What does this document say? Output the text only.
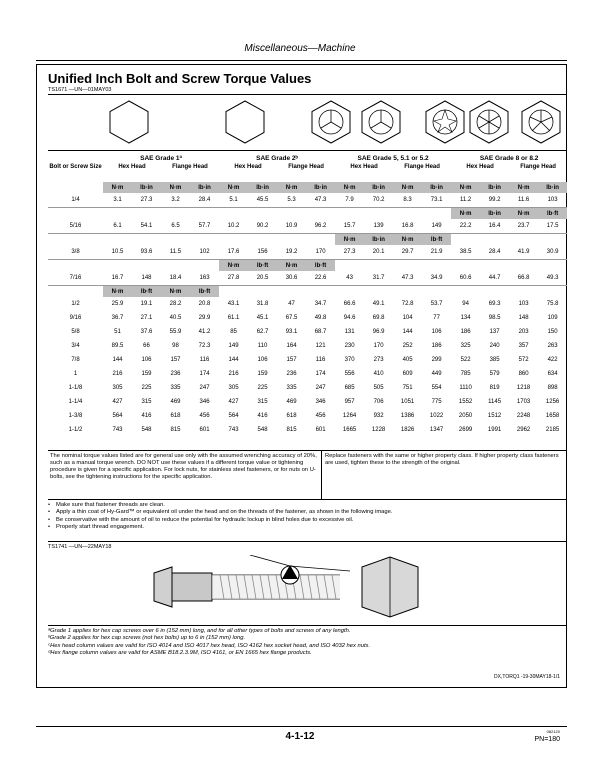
Miscellaneous—Machine
Unified Inch Bolt and Screw Torque Values
TS1671 —UN—01MAY03
	SAE Grade 1ª				SAE Grade 2ᵇ				SAE Grade 5, 5.1 or 5.2				SAE Grade 8 or 8.2			
Bolt or Screw Size	Hex Head		Flange Head		Hex Head		Flange Head		Hex Head		Flange Head		Hex Head		Flange Head	
	N·m	lb·in	N·m	lb·in	N·m	lb·in	N·m	lb·in	N·m	lb·in	N·m	lb·in	N·m	lb·in	N·m	lb·in
1/4	3.1	27.3	3.2	28.4	5.1	45.5	5.3	47.3	7.9	70.2	8.3	73.1	11.2	99.2	11.6	103
													N·m	lb·in	N·m	lb·ft
5/16	6.1	54.1	6.5	57.7	10.2	90.2	10.9	96.2	15.7	139	16.8	149	22.2	16.4	23.7	17.5
									N·m	lb·in	N·m	lb·ft				
3/8	10.5	93.6	11.5	102	17.6	156	19.2	170	27.3	20.1	29.7	21.9	38.5	28.4	41.9	30.9
					N·m	lb·ft	N·m	lb·ft								
7/16	16.7	148	18.4	163	27.8	20.5	30.6	22.6	43	31.7	47.3	34.9	60.6	44.7	66.8	49.3
	N·m	lb·ft	N·m	lb·ft												
1/2	25.9	19.1	28.2	20.8	43.1	31.8	47	34.7	66.6	49.1	72.8	53.7	94	69.3	103	75.8
9/16	36.7	27.1	40.5	29.9	61.1	45.1	67.5	49.8	94.6	69.8	104	77	134	98.5	148	109
5/8	51	37.6	55.9	41.2	85	62.7	93.1	68.7	131	96.9	144	106	186	137	203	150
3/4	89.5	66	98	72.3	149	110	164	121	230	170	252	186	325	240	357	263
7/8	144	106	157	116	144	106	157	116	370	273	405	299	522	385	572	422
1	216	159	236	174	216	159	236	174	556	410	609	449	785	579	860	634
1-1/8	305	225	335	247	305	225	335	247	685	505	751	554	1110	819	1218	898
1-1/4	427	315	469	346	427	315	469	346	957	706	1051	775	1552	1145	1703	1256
1-3/8	564	416	618	456	564	416	618	456	1264	932	1386	1022	2050	1512	2248	1658
1-1/2	743	548	815	601	743	548	815	601	1665	1228	1826	1347	2699	1991	2962	2185
The nominal torque values listed are for general use only with the assumed wrenching accuracy of 20%, such as a manual torque wrench. DO NOT use these values if a different torque value or tightening procedure is given for a specific application. For lock nuts, for stainless steel fasteners, or for nuts on U-bolts, see the tightening instructions for the specific application.
Replace fasteners with the same or higher property class. If higher property class fasteners are used, tighten these to the strength of the original.
• Make sure that fastener threads are clean.
• Apply a thin coat of Hy-Gard™ or equivalent oil under the head and on the threads of the fastener, as shown in the following image.
• Be conservative with the amount of oil to reduce the potential for hydraulic lockup in blind holes due to excessive oil.
• Properly start thread engagement.
TS1741 —UN—22MAY18
ªGrade 1 applies for hex cap screws over 6 in (152 mm) long, and for all other types of bolts and screws of any length.
ᵇGrade 2 applies for hex cap screws (not hex bolts) up to 6 in (152 mm) long.
ᶜHex head column values are valid for ISO 4014 and ISO 4017 hex head, ISO 4162 hex socket head, and ISO 4032 hex nuts.
ᵈHex flange column values are valid for ASME B18.2.3.9M, ISO 4161, or EN 1665 hex flange products.
DX,TORQ1 -19-30MAY18-1/1
4-1-12	082120
PN=180
